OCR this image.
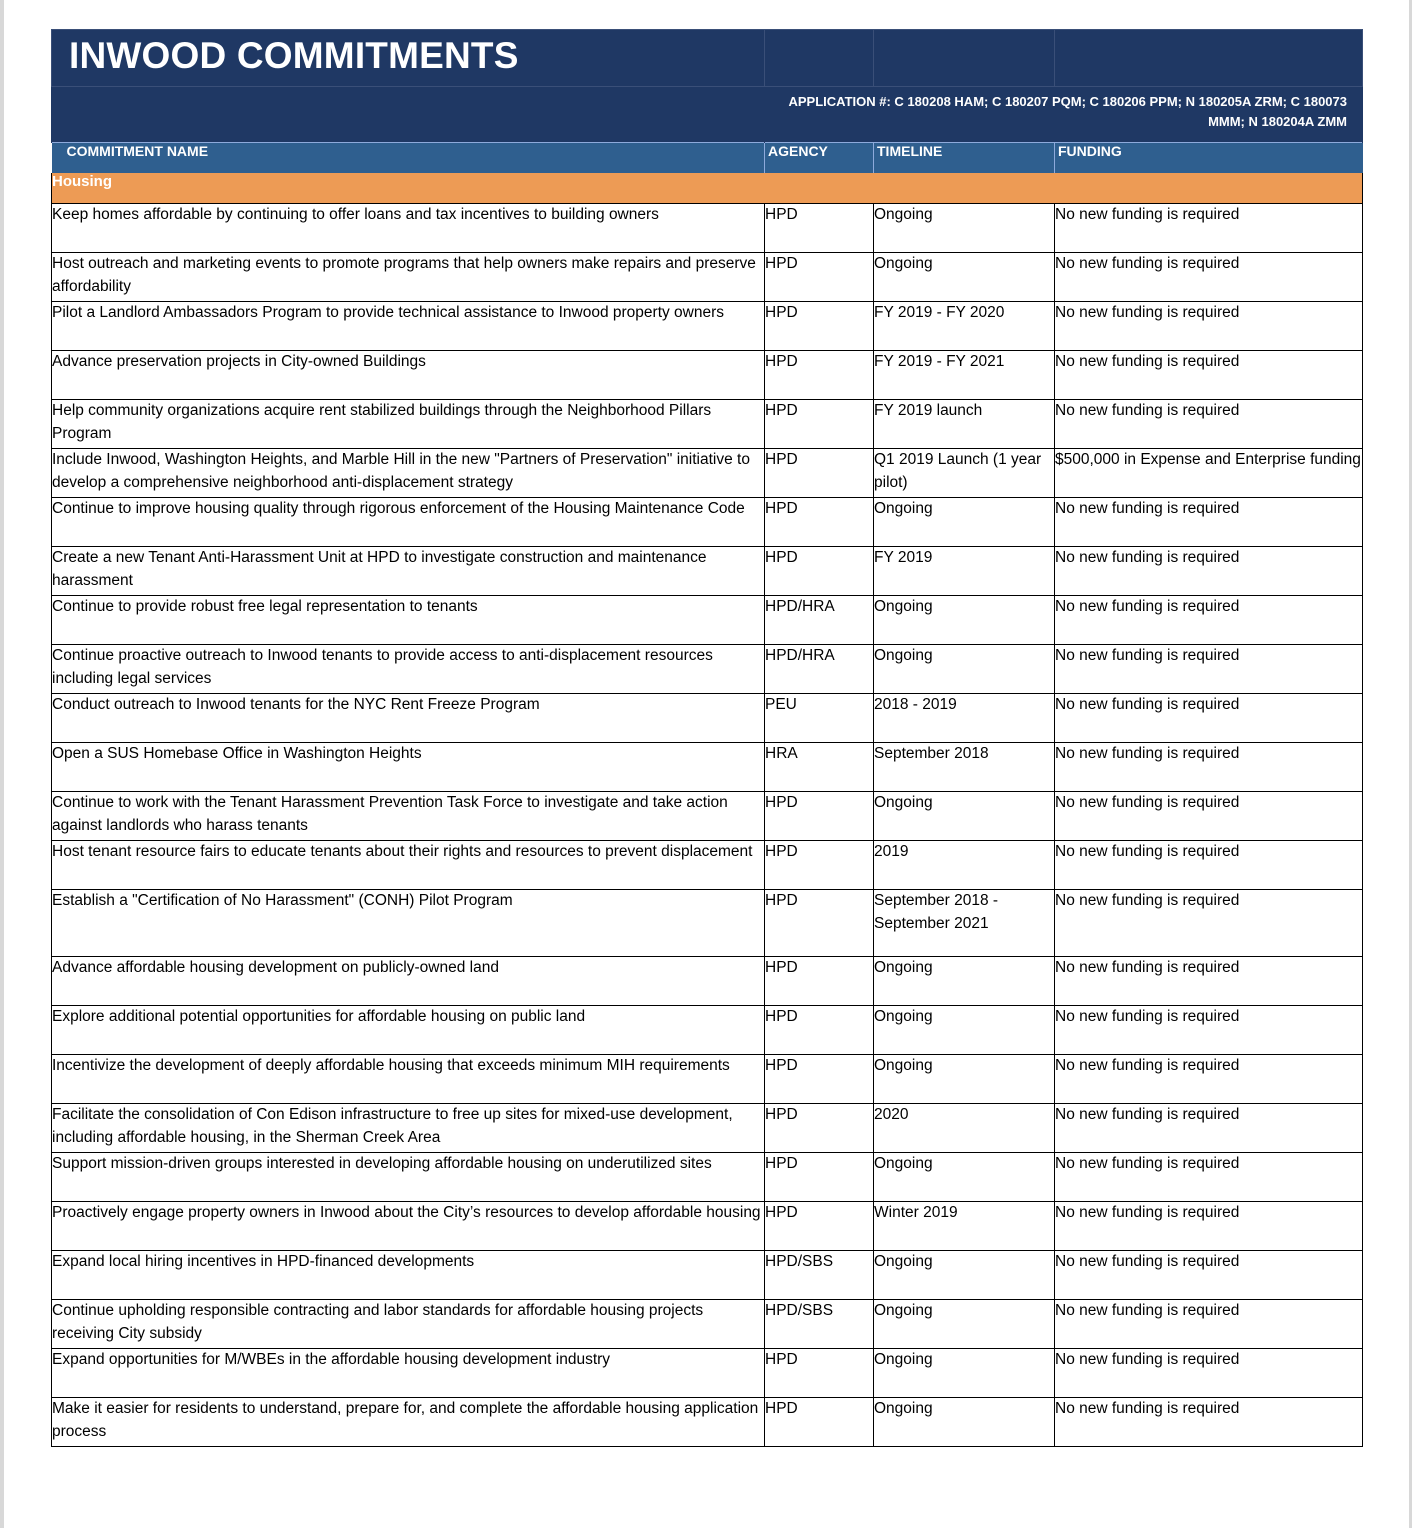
INWOOD COMMITMENTS			
	APPLICATION #: C 180208 HAM; C 180207 PQM; C 180206 PPM; N 180205A ZRM; C 180073 MMM; N 180204A ZMM		
COMMITMENT NAME	AGENCY	TIMELINE	FUNDING
Housing			
Keep homes affordable by continuing to offer loans and tax incentives to building owners	HPD	Ongoing	No new funding is required
Host outreach and marketing events to promote programs that help owners make repairs and preserve affordability	HPD	Ongoing	No new funding is required
Pilot a Landlord Ambassadors Program to provide technical assistance to Inwood property owners	HPD	FY 2019 - FY 2020	No new funding is required
Advance preservation projects in City-owned Buildings	HPD	FY 2019 - FY 2021	No new funding is required
Help community organizations acquire rent stabilized buildings through the Neighborhood Pillars Program	HPD	FY 2019 launch	No new funding is required
Include Inwood, Washington Heights, and Marble Hill in the new "Partners of Preservation" initiative to develop a comprehensive neighborhood anti-displacement strategy	HPD	Q1 2019 Launch (1 year pilot)	$500,000 in Expense and Enterprise funding
Continue to improve housing quality through rigorous enforcement of the Housing Maintenance Code	HPD	Ongoing	No new funding is required
Create a new Tenant Anti-Harassment Unit at HPD to investigate construction and maintenance harassment	HPD	FY 2019	No new funding is required
Continue to provide robust free legal representation to tenants	HPD/HRA	Ongoing	No new funding is required
Continue proactive outreach to Inwood tenants to provide access to anti-displacement resources including legal services	HPD/HRA	Ongoing	No new funding is required
Conduct outreach to Inwood tenants for the NYC Rent Freeze Program	PEU	2018 - 2019	No new funding is required
Open a SUS Homebase Office in Washington Heights	HRA	September 2018	No new funding is required
Continue to work with the Tenant Harassment Prevention Task Force to investigate and take action against landlords who harass tenants	HPD	Ongoing	No new funding is required
Host tenant resource fairs to educate tenants about their rights and resources to prevent displacement	HPD	2019	No new funding is required
Establish a "Certification of No Harassment" (CONH) Pilot Program	HPD	September 2018 - September 2021	No new funding is required
Advance affordable housing development on publicly-owned land	HPD	Ongoing	No new funding is required
Explore additional potential opportunities for affordable housing on public land	HPD	Ongoing	No new funding is required
Incentivize the development of deeply affordable housing that exceeds minimum MIH requirements	HPD	Ongoing	No new funding is required
Facilitate the consolidation of Con Edison infrastructure to free up sites for mixed-use development, including affordable housing, in the Sherman Creek Area	HPD	2020	No new funding is required
Support mission-driven groups interested in developing affordable housing on underutilized sites	HPD	Ongoing	No new funding is required
Proactively engage property owners in Inwood about the City’s resources to develop affordable housing	HPD	Winter 2019	No new funding is required
Expand local hiring incentives in HPD-financed developments	HPD/SBS	Ongoing	No new funding is required
Continue upholding responsible contracting and labor standards for affordable housing projects receiving City subsidy	HPD/SBS	Ongoing	No new funding is required
Expand opportunities for M/WBEs in the affordable housing development industry	HPD	Ongoing	No new funding is required
Make it easier for residents to understand, prepare for, and complete the affordable housing application process	HPD	Ongoing	No new funding is required
